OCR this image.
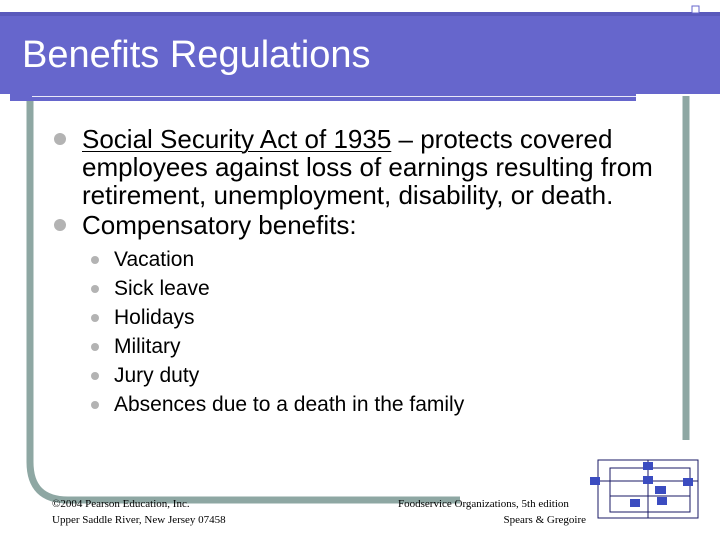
Benefits Regulations
Social Security Act of 1935 – protects covered employees against loss of earnings resulting from retirement, unemployment, disability, or death.
Compensatory benefits:
Vacation
Sick leave
Holidays
Military
Jury duty
Absences due to a death in the family
©2004 Pearson Education, Inc.
Upper Saddle River, New Jersey 07458
Foodservice Organizations, 5th edition
Spears & Gregoire
